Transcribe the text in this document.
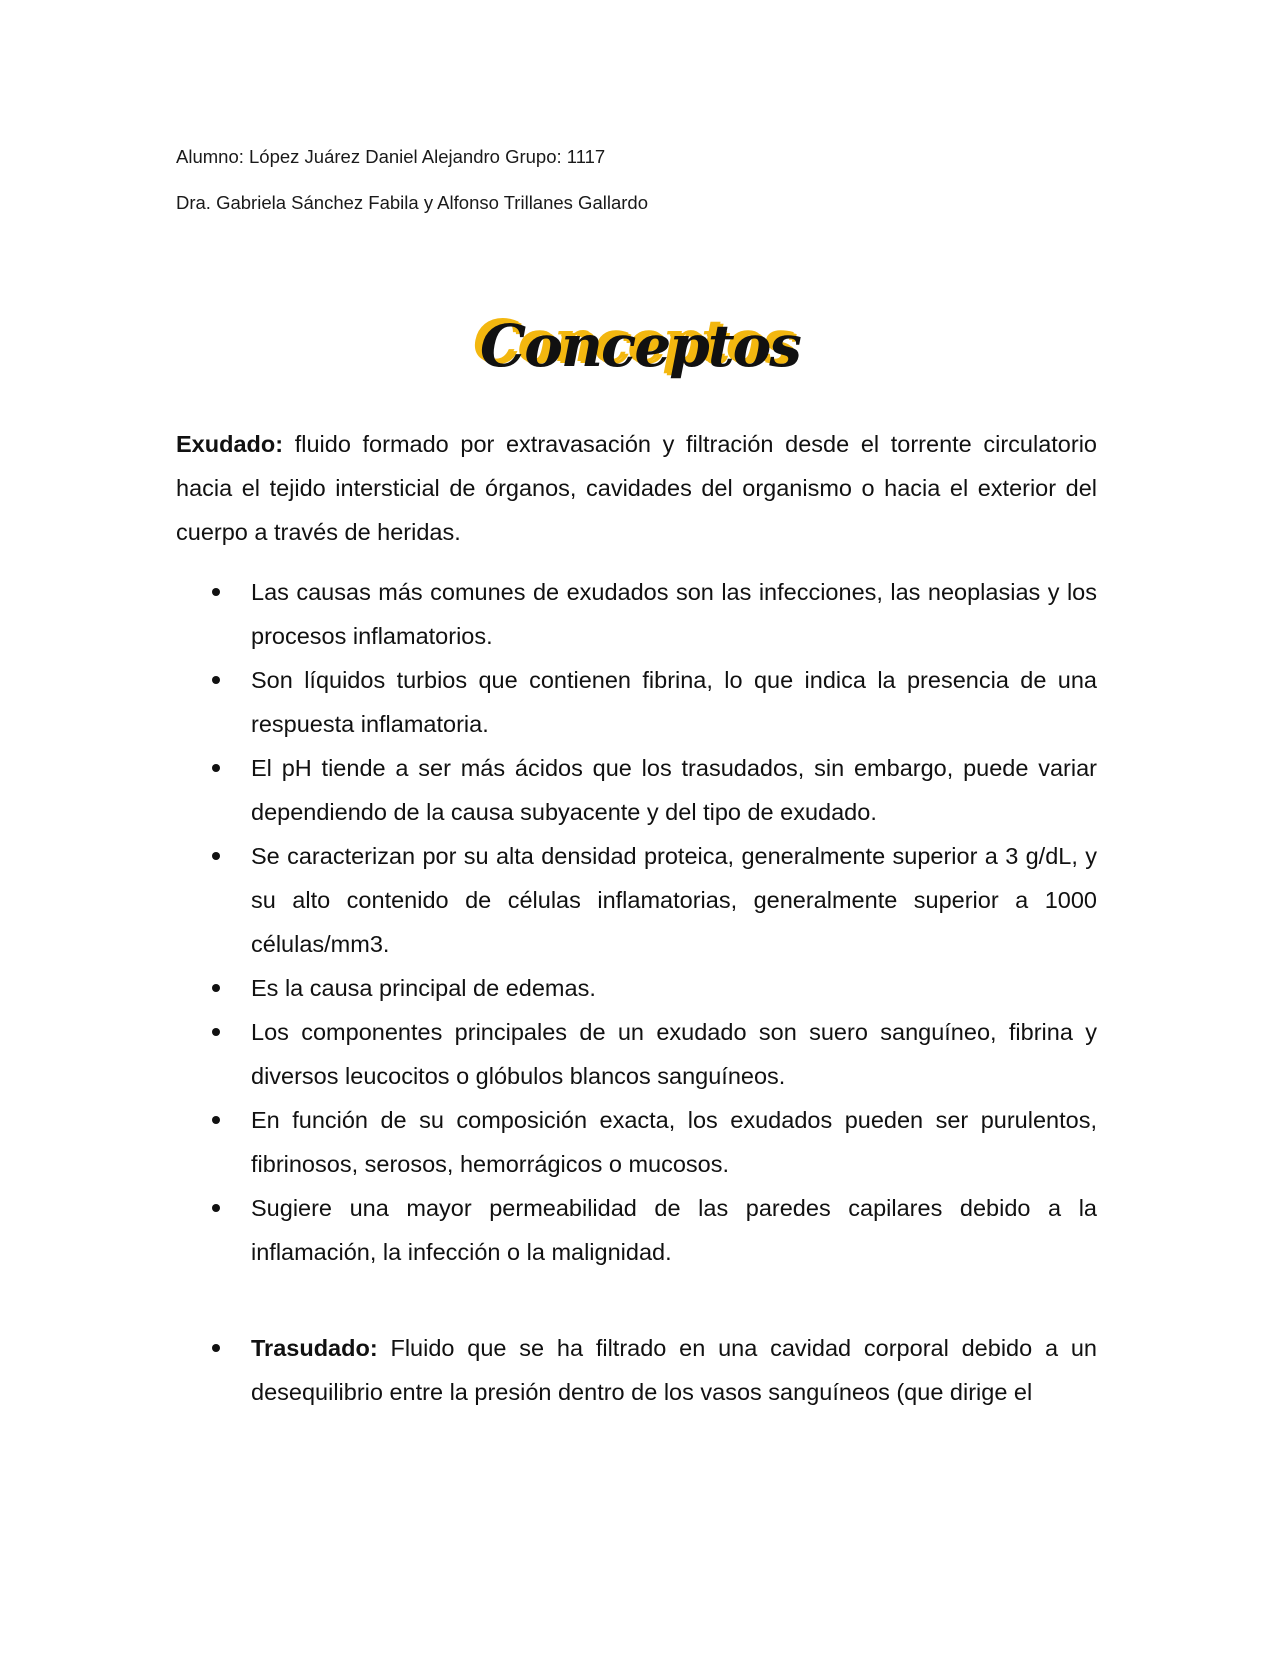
Alumno: López Juárez Daniel Alejandro Grupo: 1117
Dra. Gabriela Sánchez Fabila y Alfonso Trillanes Gallardo
Conceptos
Exudado: fluido formado por extravasación y filtración desde el torrente circulatorio hacia el tejido intersticial de órganos, cavidades del organismo o hacia el exterior del cuerpo a través de heridas.
Las causas más comunes de exudados son las infecciones, las neoplasias y los procesos inflamatorios.
Son líquidos turbios que contienen fibrina, lo que indica la presencia de una respuesta inflamatoria.
El pH tiende a ser más ácidos que los trasudados, sin embargo, puede variar dependiendo de la causa subyacente y del tipo de exudado.
Se caracterizan por su alta densidad proteica, generalmente superior a 3 g/dL, y su alto contenido de células inflamatorias, generalmente superior a 1000 células/mm3.
Es la causa principal de edemas.
Los componentes principales de un exudado son suero sanguíneo, fibrina y diversos leucocitos o glóbulos blancos sanguíneos.
En función de su composición exacta, los exudados pueden ser purulentos, fibrinosos, serosos, hemorrágicos o mucosos.
Sugiere una mayor permeabilidad de las paredes capilares debido a la inflamación, la infección o la malignidad.
Trasudado: Fluido que se ha filtrado en una cavidad corporal debido a un desequilibrio entre la presión dentro de los vasos sanguíneos (que dirige el
